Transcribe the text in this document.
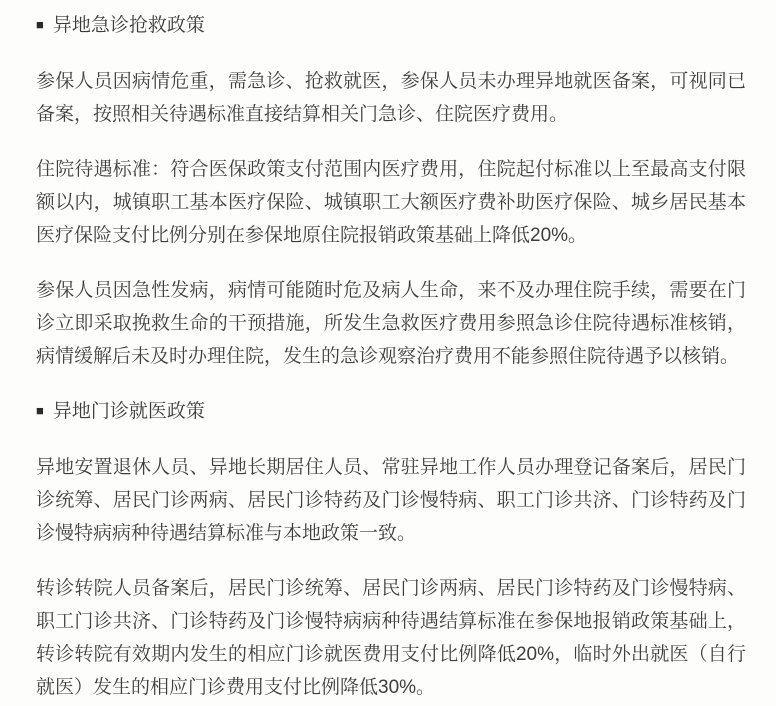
■ 异地急诊抢救政策

参保人员因病情危重，需急诊、抢救就医，参保人员未办理异地就医备案，可视同已备案，按照相关待遇标准直接结算相关门急诊、住院医疗费用。

住院待遇标准：符合医保政策支付范围内医疗费用，住院起付标准以上至最高支付限额以内，城镇职工基本医疗保险、城镇职工大额医疗费补助医疗保险、城乡居民基本医疗保险支付比例分别在参保地原住院报销政策基础上降低20%。

参保人员因急性发病，病情可能随时危及病人生命，来不及办理住院手续，需要在门诊立即采取挽救生命的干预措施，所发生急救医疗费用参照急诊住院待遇标准核销，病情缓解后未及时办理住院，发生的急诊观察治疗费用不能参照住院待遇予以核销。

■ 异地门诊就医政策

异地安置退休人员、异地长期居住人员、常驻异地工作人员办理登记备案后，居民门诊统筹、居民门诊两病、居民门诊特药及门诊慢特病、职工门诊共济、门诊特药及门诊慢特病病种待遇结算标准与本地政策一致。

转诊转院人员备案后，居民门诊统筹、居民门诊两病、居民门诊特药及门诊慢特病、职工门诊共济、门诊特药及门诊慢特病病种待遇结算标准在参保地报销政策基础上，转诊转院有效期内发生的相应门诊就医费用支付比例降低20%，临时外出就医（自行就医）发生的相应门诊费用支付比例降低30%。
